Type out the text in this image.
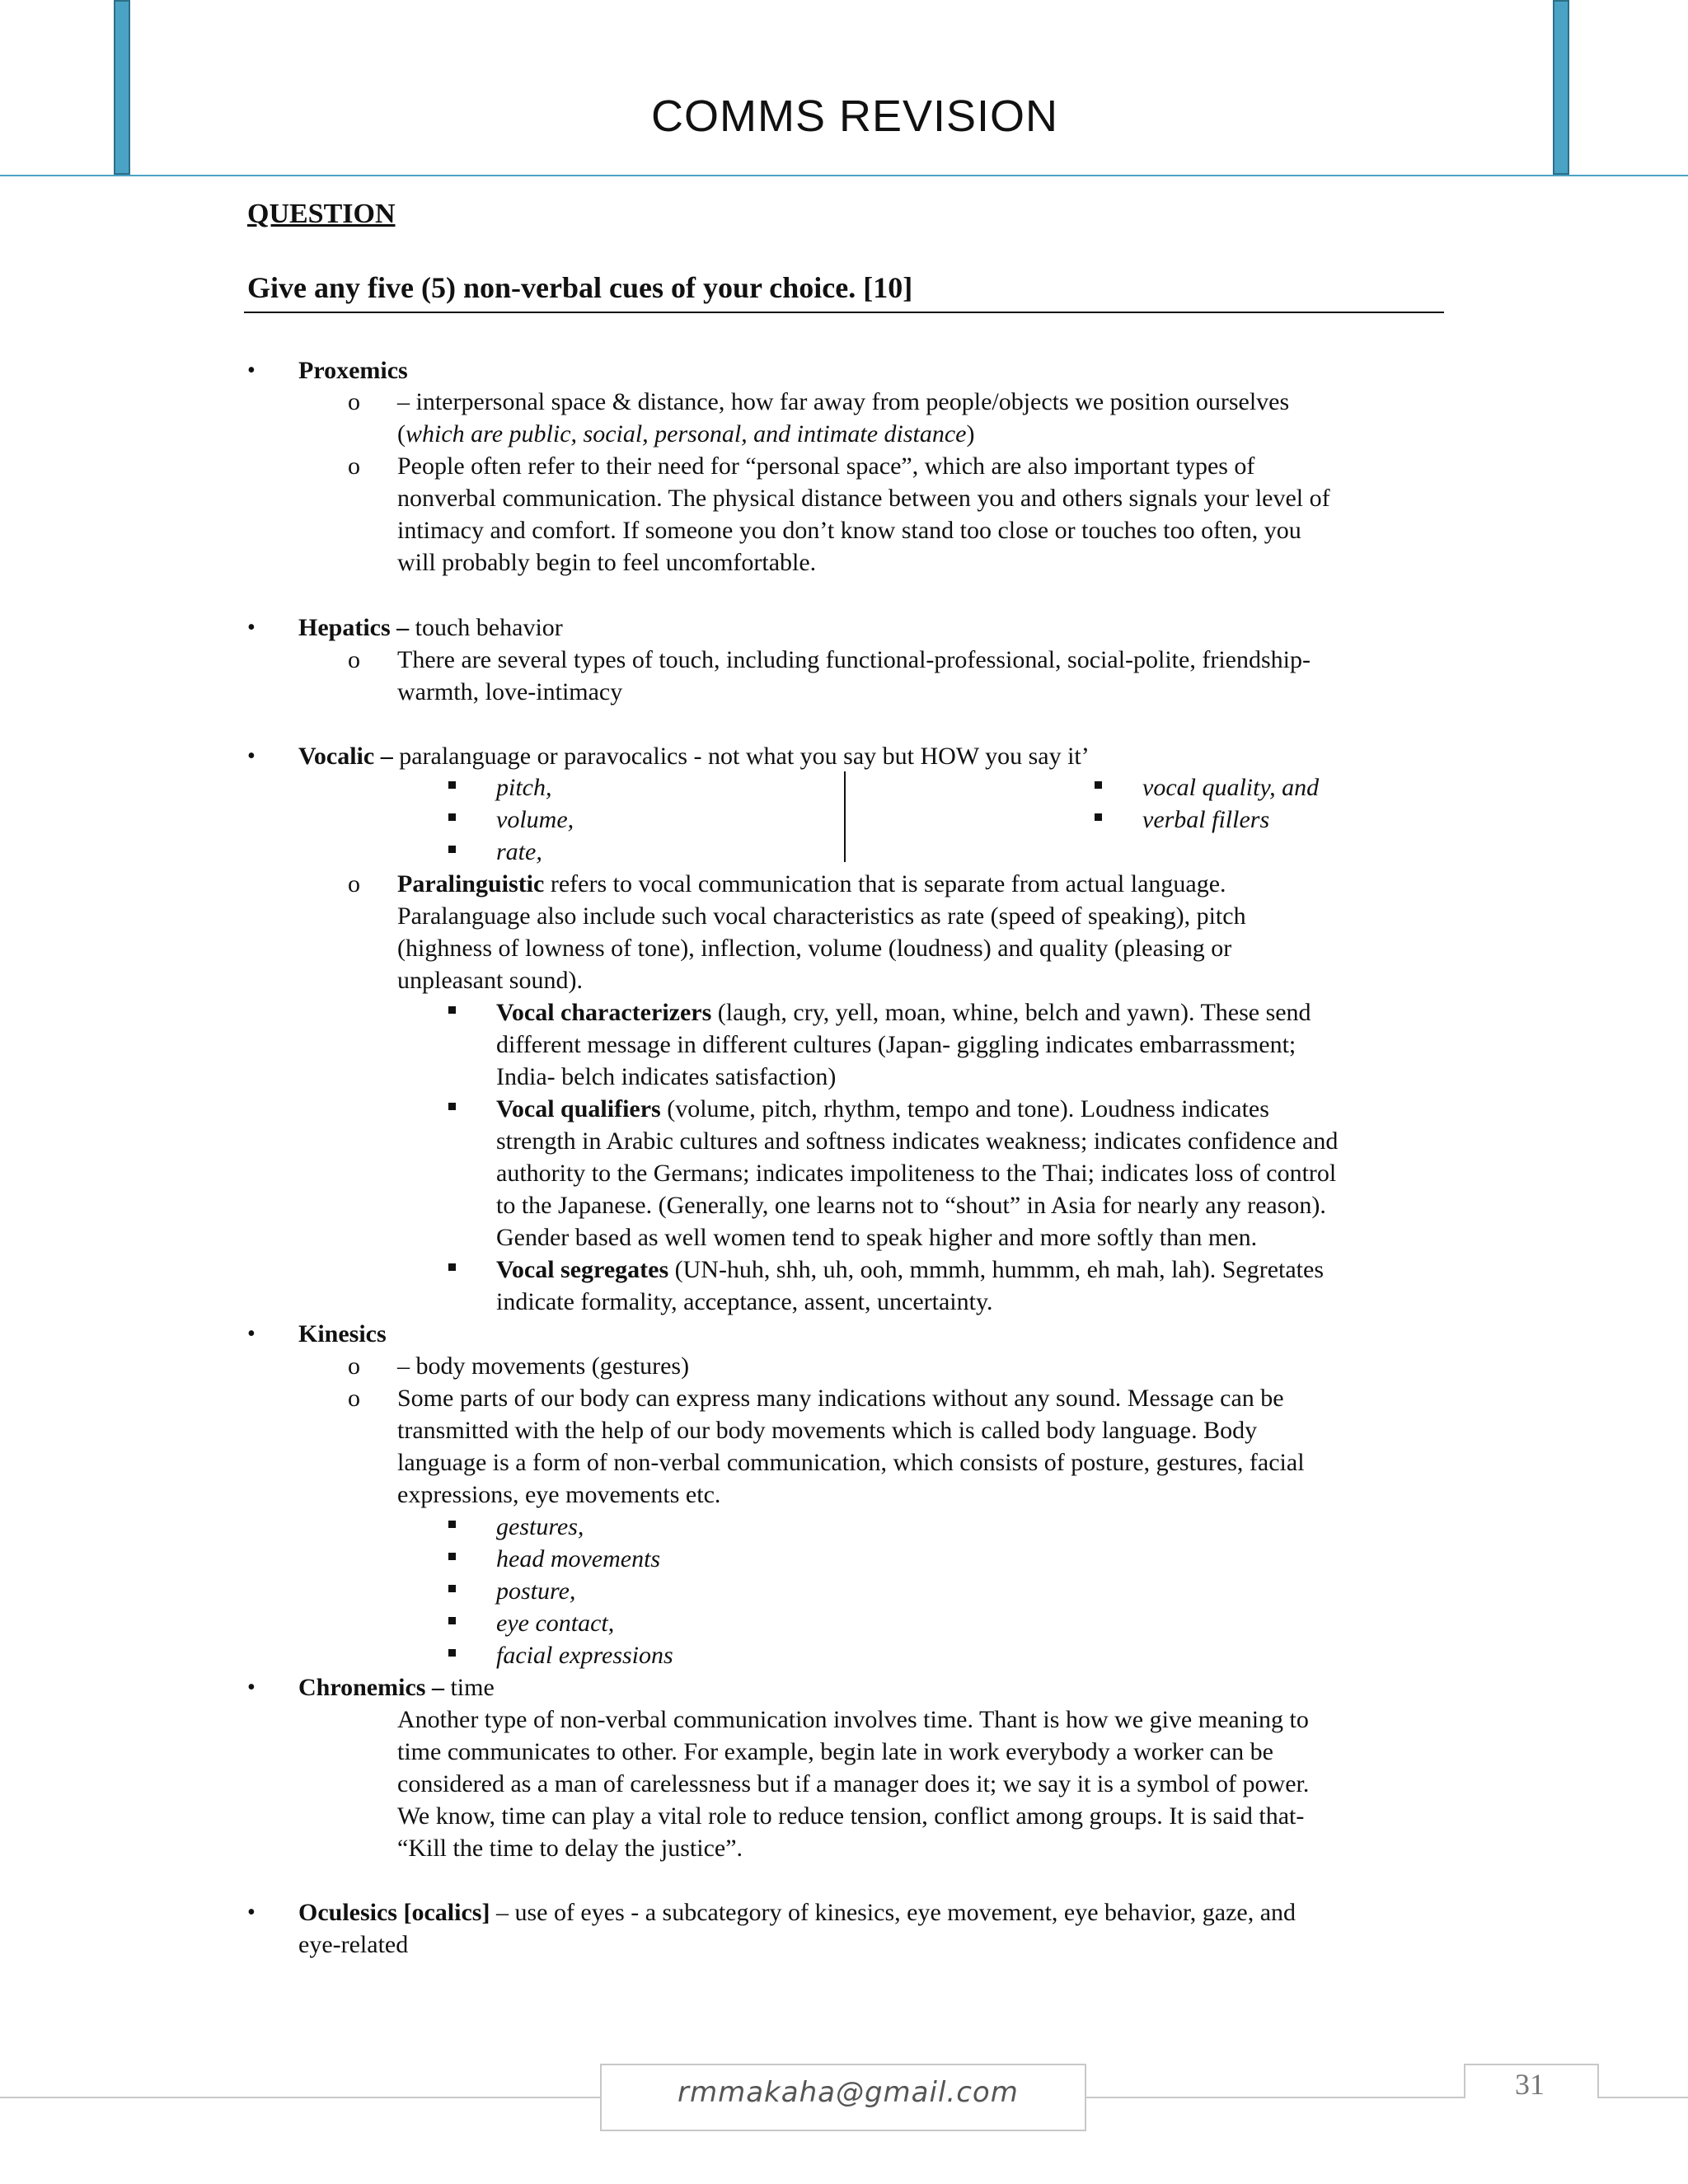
COMMS REVISION
QUESTION
Give any five (5) non-verbal cues of your choice. [10]
• Proxemics
o – interpersonal space & distance, how far away from people/objects we position ourselves
(which are public, social, personal, and intimate distance)
o People often refer to their need for “personal space”, which are also important types of
nonverbal communication. The physical distance between you and others signals your level of
intimacy and comfort. If someone you don’t know stand too close or touches too often, you
will probably begin to feel uncomfortable.
• Hepatics – touch behavior
o There are several types of touch, including functional-professional, social-polite, friendship-
warmth, love-intimacy
• Vocalic – paralanguage or paravocalics - not what you say but HOW you say it’
pitch,
volume,
rate,
vocal quality, and
verbal fillers
o Paralinguistic refers to vocal communication that is separate from actual language.
Paralanguage also include such vocal characteristics as rate (speed of speaking), pitch
(highness of lowness of tone), inflection, volume (loudness) and quality (pleasing or
unpleasant sound).
Vocal characterizers (laugh, cry, yell, moan, whine, belch and yawn). These send
different message in different cultures (Japan- giggling indicates embarrassment;
India- belch indicates satisfaction)
Vocal qualifiers (volume, pitch, rhythm, tempo and tone). Loudness indicates
strength in Arabic cultures and softness indicates weakness; indicates confidence and
authority to the Germans; indicates impoliteness to the Thai; indicates loss of control
to the Japanese. (Generally, one learns not to “shout” in Asia for nearly any reason).
Gender based as well women tend to speak higher and more softly than men.
Vocal segregates (UN-huh, shh, uh, ooh, mmmh, hummm, eh mah, lah). Segretates
indicate formality, acceptance, assent, uncertainty.
• Kinesics
o – body movements (gestures)
o Some parts of our body can express many indications without any sound. Message can be
transmitted with the help of our body movements which is called body language. Body
language is a form of non-verbal communication, which consists of posture, gestures, facial
expressions, eye movements etc.
gestures,
head movements
posture,
eye contact,
facial expressions
• Chronemics – time
Another type of non-verbal communication involves time. Thant is how we give meaning to
time communicates to other. For example, begin late in work everybody a worker can be
considered as a man of carelessness but if a manager does it; we say it is a symbol of power.
We know, time can play a vital role to reduce tension, conflict among groups. It is said that-
“Kill the time to delay the justice”.
• Oculesics [ocalics] – use of eyes - a subcategory of kinesics, eye movement, eye behavior, gaze, and
eye-related
rmmakaha@gmail.com	31
